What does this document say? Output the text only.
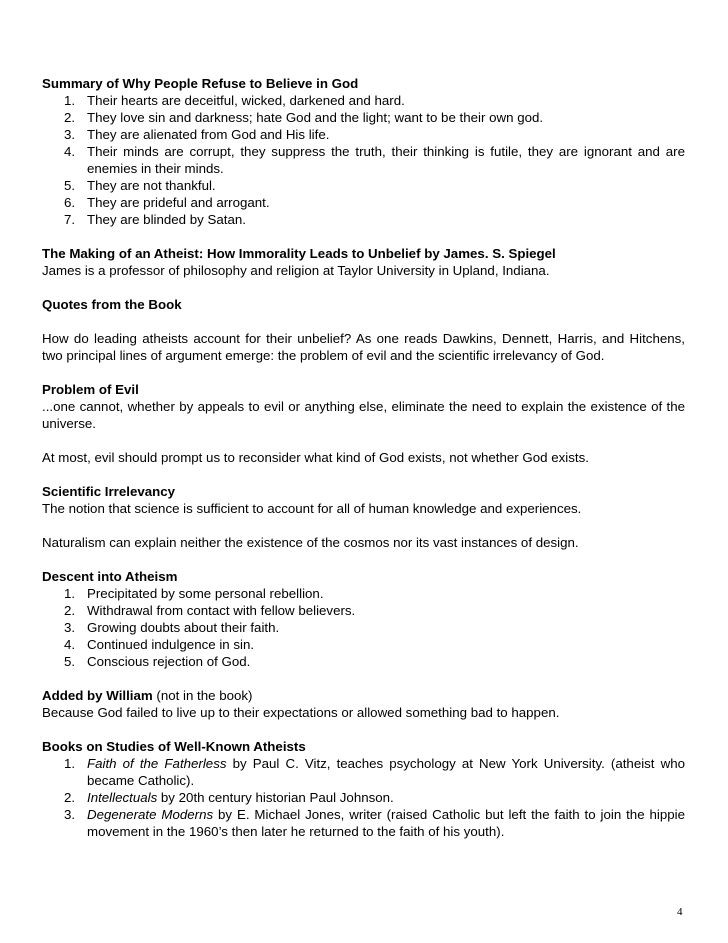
Summary of Why People Refuse to Believe in God

1. Their hearts are deceitful, wicked, darkened and hard.
2. They love sin and darkness; hate God and the light; want to be their own god.
3. They are alienated from God and His life.
4. Their minds are corrupt, they suppress the truth, their thinking is futile, they are ignorant and are enemies in their minds.
5. They are not thankful.
6. They are prideful and arrogant.
7. They are blinded by Satan.

The Making of an Atheist: How Immorality Leads to Unbelief by James. S. Spiegel

James is a professor of philosophy and religion at Taylor University in Upland, Indiana.

Quotes from the Book

How do leading atheists account for their unbelief? As one reads Dawkins, Dennett, Harris, and Hitchens, two principal lines of argument emerge: the problem of evil and the scientific irrelevancy of God.

Problem of Evil

...one cannot, whether by appeals to evil or anything else, eliminate the need to explain the existence of the universe.

At most, evil should prompt us to reconsider what kind of God exists, not whether God exists.

Scientific Irrelevancy

The notion that science is sufficient to account for all of human knowledge and experiences.

Naturalism can explain neither the existence of the cosmos nor its vast instances of design.

Descent into Atheism

1. Precipitated by some personal rebellion.
2. Withdrawal from contact with fellow believers.
3. Growing doubts about their faith.
4. Continued indulgence in sin.
5. Conscious rejection of God.

Added by William (not in the book)

Because God failed to live up to their expectations or allowed something bad to happen.

Books on Studies of Well-Known Atheists

1. Faith of the Fatherless by Paul C. Vitz, teaches psychology at New York University. (atheist who became Catholic).
2. Intellectuals by 20th century historian Paul Johnson.
3. Degenerate Moderns by E. Michael Jones, writer (raised Catholic but left the faith to join the hippie movement in the 1960’s then later he returned to the faith of his youth).
4
